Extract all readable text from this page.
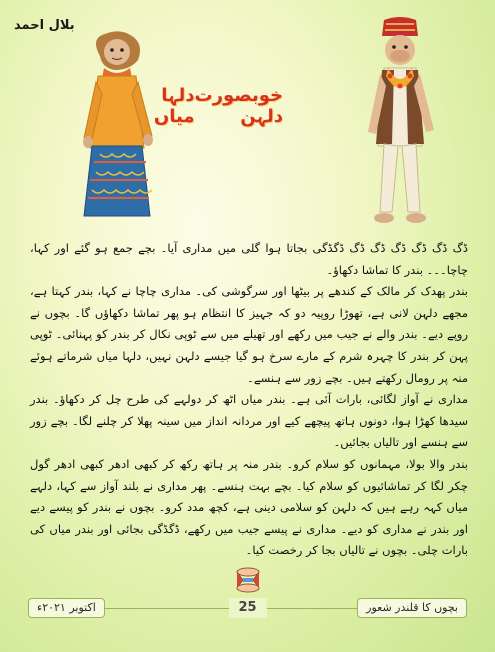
بلال احمد
دلہا میاں
خوبصورت دلہن

ڈگ ڈگ ڈگ ڈگ ڈگ ڈگ ڈگڈگی بجاتا ہوا گلی میں مداری آیا۔ بچے جمع ہو گئے اور کہا، چاچا۔۔۔ بندر کا تماشا دکھاؤ۔

بندر پھدک کر مالک کے کندھے پر بیٹھا اور سرگوشی کی۔ مداری چاچا نے کہا، بندر کہتا ہے، مجھے دلہن لانی ہے، تھوڑا روپیہ دو کہ جہیز کا انتظام ہو پھر تماشا دکھاؤں گا۔ بچوں نے روپے دیے۔ بندر والے نے جیب میں رکھے اور تھیلے میں سے ٹوپی نکال کر بندر کو پہنائی۔ ٹوپی پہن کر بندر کا چہرہ شرم کے مارے سرخ ہو گیا جیسے دلہن نہیں، دلہا میاں شرماتے ہوئے منہ پر رومال رکھتے ہیں۔ بچے زور سے ہنسے۔

مداری نے آواز لگائی، بارات آئی ہے۔ بندر میاں اٹھ کر دولہے کی طرح چل کر دکھاؤ۔ بندر سیدھا کھڑا ہوا، دونوں ہاتھ پیچھے کیے اور مردانہ انداز میں سینہ پھلا کر چلنے لگا۔ بچے زور سے ہنسے اور تالیاں بجائیں۔

بندر والا بولا، مہمانوں کو سلام کرو۔ بندر منہ پر ہاتھ رکھ کر کبھی ادھر کبھی ادھر گول چکر لگا کر تماشائیوں کو سلام کیا۔ بچے بہت ہنسے۔ پھر مداری نے بلند آواز سے کہا، دلہے میاں کہہ رہے ہیں کہ دلہن کو سلامی دینی ہے، کچھ مدد کرو۔ بچوں نے بندر کو پیسے دیے اور بندر نے مداری کو دیے۔ مداری نے پیسے جیب میں رکھے، ڈگڈگی بجائی اور بندر میاں کی بارات چلی۔ بچوں نے تالیاں بجا کر رخصت کیا۔

اکتوبر ۲۰۲۱ء	25	بچوں کا قلندر شعور
